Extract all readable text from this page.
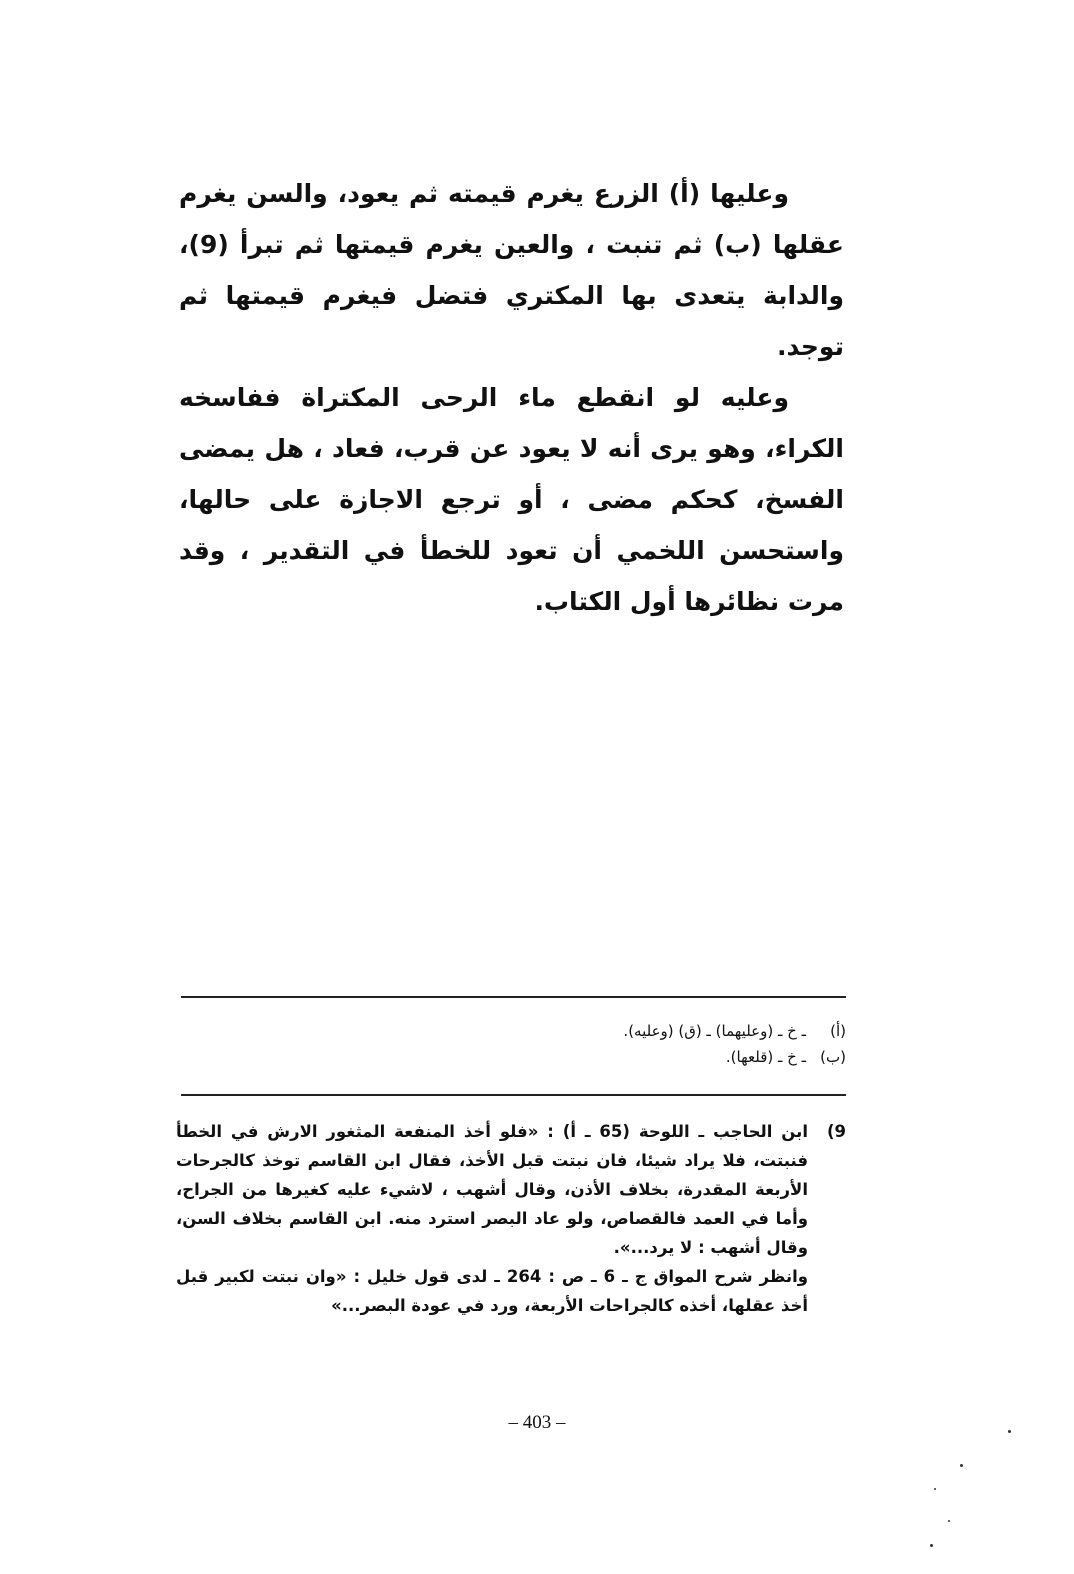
وعليها (أ) الزرع يغرم قيمته ثم يعود، والسن يغرم عقلها (ب) ثم تنبت ، والعين يغرم قيمتها ثم تبرأ (9)، والدابة يتعدى بها المكتري فتضل فيغرم قيمتها ثم توجد.

وعليه لو انقطع ماء الرحى المكتراة ففاسخه الكراء، وهو يرى أنه لا يعود عن قرب، فعاد ، هل يمضى الفسخ، كحكم مضى ، أو ترجع الاجازة على حالها، واستحسن اللخمي أن تعود للخطأ في التقدير ، وقد مرت نظائرها أول الكتاب.

(أ)
ـ خ ـ (وعليهما) ـ (ق) (وعليه).
(ب)
ـ خ ـ (قلعها).
9)

ابن الحاجب ـ اللوحة (65 ـ أ) : «فلو أخذ المنفعة المثغور الارش في الخطأ فنبتت، فلا يراد شيئا، فان نبتت قبل الأخذ، فقال ابن القاسم توخذ كالجرحات الأربعة المقدرة، بخلاف الأذن، وقال أشهب ، لاشيء عليه كغيرها من الجراح، وأما في العمد فالقصاص، ولو عاد البصر استرد منه. ابن القاسم بخلاف السن، وقال أشهب : لا يرد...».

وانظر شرح المواق ج ـ 6 ـ ص : 264 ـ لدى قول خليل : «وان نبتت لكبير قبل أخذ عقلها، أخذه كالجراحات الأربعة، ورد في عودة البصر...»

– 403 –
